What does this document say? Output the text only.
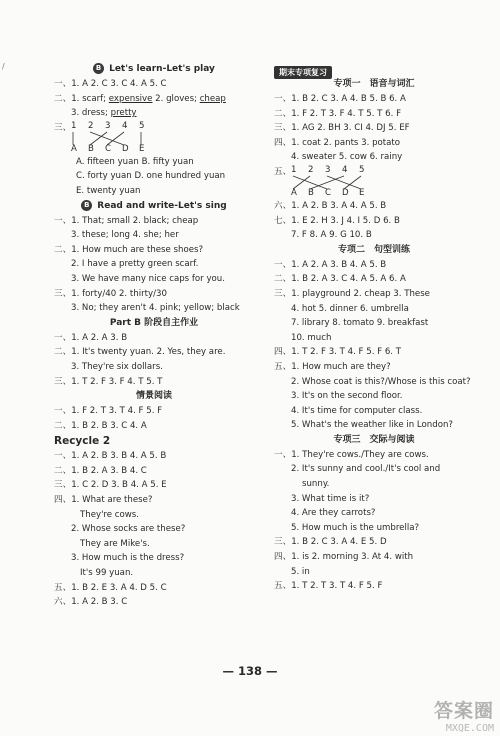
/	B Let's learn-Let's play
一、1. A 2. C 3. C 4. A 5. C
二、1. scarf; expensive 2. gloves; cheap
3. dress; pretty
三、 1 2 3 4 5
A B C D E
A. fifteen yuan B. fifty yuan
C. forty yuan D. one hundred yuan
E. twenty yuan
B Read and write-Let's sing
一、1. That; small 2. black; cheap
3. these; long 4. she; her
二、1. How much are these shoes?
2. I have a pretty green scarf.
3. We have many nice caps for you.
三、1. forty/40 2. thirty/30
3. No; they aren't 4. pink; yellow; black
Part B 阶段自主作业
一、1. A 2. A 3. B
二、1. It's twenty yuan. 2. Yes, they are.
3. They're six dollars.
三、1. T 2. F 3. F 4. T 5. T
情景阅读
一、1. F 2. T 3. T 4. F 5. F
二、1. B 2. B 3. C 4. A
Recycle 2
一、1. A 2. B 3. B 4. A 5. B
二、1. B 2. A 3. B 4. C
三、1. C 2. D 3. B 4. A 5. E
四、1. What are these?
They're cows.
2. Whose socks are these?
They are Mike's.
3. How much is the dress?
It's 99 yuan.
五、1. B 2. E 3. A 4. D 5. C
六、1. A 2. B 3. C
期末专项复习
专项一　语音与词汇
一、1. B 2. C 3. A 4. B 5. B 6. A
二、1. F 2. T 3. F 4. T 5. T 6. F
三、1. AG 2. BH 3. CI 4. DJ 5. EF
四、1. coat 2. pants 3. potato
4. sweater 5. cow 6. rainy
五、 1 2 3 4 5
A B C D E
六、1. A 2. B 3. A 4. A 5. B
七、1. E 2. H 3. J 4. I 5. D 6. B
7. F 8. A 9. G 10. B
专项二　句型训练
一、1. A 2. A 3. B 4. A 5. B
二、1. B 2. A 3. C 4. A 5. A 6. A
三、1. playground 2. cheap 3. These
4. hot 5. dinner 6. umbrella
7. library 8. tomato 9. breakfast
10. much
四、1. T 2. F 3. T 4. F 5. F 6. T
五、1. How much are they?
2. Whose coat is this?/Whose is this coat?
3. It's on the second floor.
4. It's time for computer class.
5. What's the weather like in London?
专项三　交际与阅读
一、1. They're cows./They are cows.
2. It's sunny and cool./It's cool and
sunny.
3. What time is it?
4. Are they carrots?
5. How much is the umbrella?
三、1. B 2. C 3. A 4. E 5. D
四、1. is 2. morning 3. At 4. with
5. in
五、1. T 2. T 3. T 4. F 5. F
— 138 —
答案圈
MXQE.COM
